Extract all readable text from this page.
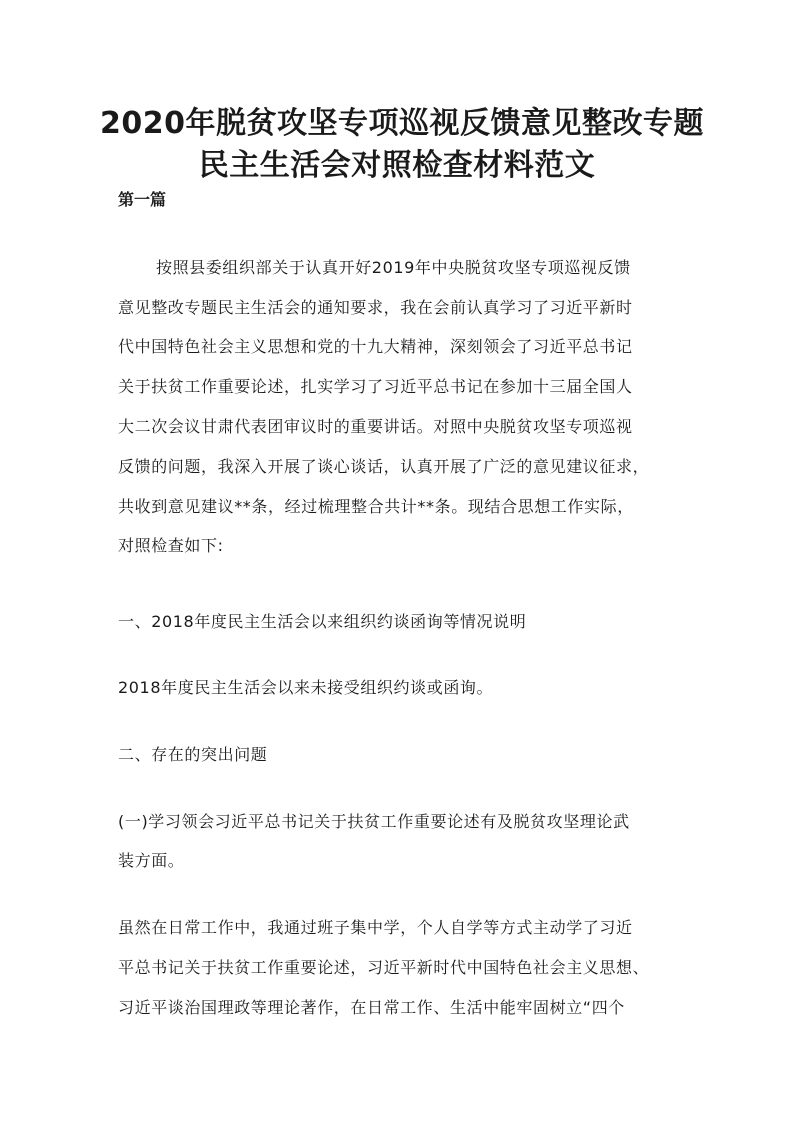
2020年脱贫攻坚专项巡视反馈意见整改专题
民主生活会对照检查材料范文
第一篇
按照县委组织部关于认真开好2019年中央脱贫攻坚专项巡视反馈
意见整改专题民主生活会的通知要求，我在会前认真学习了习近平新时
代中国特色社会主义思想和党的十九大精神，深刻领会了习近平总书记
关于扶贫工作重要论述，扎实学习了习近平总书记在参加十三届全国人
大二次会议甘肃代表团审议时的重要讲话。对照中央脱贫攻坚专项巡视
反馈的问题，我深入开展了谈心谈话，认真开展了广泛的意见建议征求，
共收到意见建议**条，经过梳理整合共计**条。现结合思想工作实际，
对照检查如下:
一、2018年度民主生活会以来组织约谈函询等情况说明
2018年度民主生活会以来未接受组织约谈或函询。
二、存在的突出问题
(一)学习领会习近平总书记关于扶贫工作重要论述有及脱贫攻坚理论武
装方面。
虽然在日常工作中，我通过班子集中学，个人自学等方式主动学了习近
平总书记关于扶贫工作重要论述，习近平新时代中国特色社会主义思想、
习近平谈治国理政等理论著作，在日常工作、生活中能牢固树立“四个
